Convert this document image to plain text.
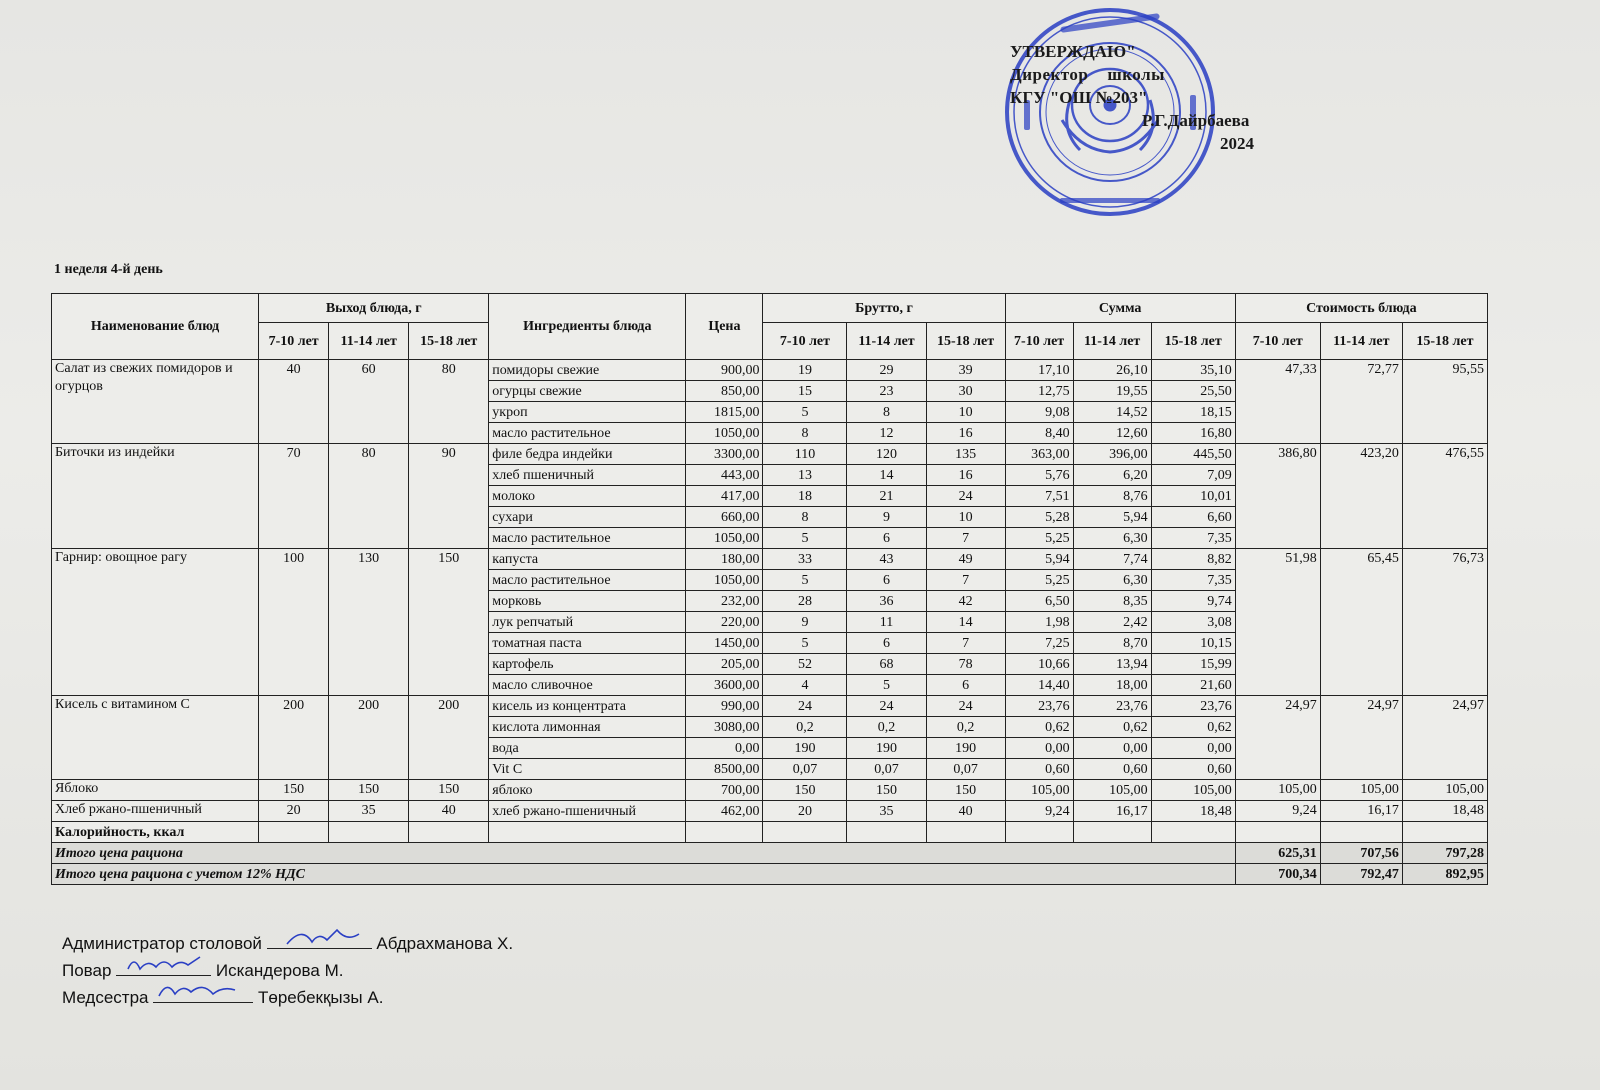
УТВЕРЖДАЮ"
Директор    школы
КГУ "ОШ №203"
Р.Г.Дайрбаева
2024
1 неделя 4-й день
Наименование блюд	Выход блюда, г			Ингредиенты блюда	Цена	Брутто, г			Сумма			Стоимость блюда		
	7-10 лет	11-14 лет	15-18 лет			7-10 лет	11-14 лет	15-18 лет	7-10 лет	11-14 лет	15-18 лет	7-10 лет	11-14 лет	15-18 лет
Салат из свежих помидоров и огурцов	40	60	80	помидоры свежие	900,00	19	29	39	17,10	26,10	35,10	47,33	72,77	95,55
				огурцы свежие	850,00	15	23	30	12,75	19,55	25,50			
				укроп	1815,00	5	8	10	9,08	14,52	18,15			
				масло растительное	1050,00	8	12	16	8,40	12,60	16,80			
Биточки из индейки	70	80	90	филе бедра индейки	3300,00	110	120	135	363,00	396,00	445,50	386,80	423,20	476,55
				хлеб пшеничный	443,00	13	14	16	5,76	6,20	7,09			
				молоко	417,00	18	21	24	7,51	8,76	10,01			
				сухари	660,00	8	9	10	5,28	5,94	6,60			
				масло растительное	1050,00	5	6	7	5,25	6,30	7,35			
Гарнир: овощное рагу	100	130	150	капуста	180,00	33	43	49	5,94	7,74	8,82	51,98	65,45	76,73
				масло растительное	1050,00	5	6	7	5,25	6,30	7,35			
				морковь	232,00	28	36	42	6,50	8,35	9,74			
				лук репчатый	220,00	9	11	14	1,98	2,42	3,08			
				томатная паста	1450,00	5	6	7	7,25	8,70	10,15			
				картофель	205,00	52	68	78	10,66	13,94	15,99			
				масло сливочное	3600,00	4	5	6	14,40	18,00	21,60			
Кисель с витамином С	200	200	200	кисель из концентрата	990,00	24	24	24	23,76	23,76	23,76	24,97	24,97	24,97
				кислота лимонная	3080,00	0,2	0,2	0,2	0,62	0,62	0,62			
				вода	0,00	190	190	190	0,00	0,00	0,00			
				Vit C	8500,00	0,07	0,07	0,07	0,60	0,60	0,60			
Яблоко	150	150	150	яблоко	700,00	150	150	150	105,00	105,00	105,00	105,00	105,00	105,00
Хлеб ржано-пшеничный	20	35	40	хлеб ржано-пшеничный	462,00	20	35	40	9,24	16,17	18,48	9,24	16,17	18,48
Калорийность, ккал														
Итого цена рациона												625,31	707,56	797,28
Итого цена рациона с учетом 12% НДС												700,34	792,47	892,95
Администратор столовой	Абдрахманова Х.
Повар	Искандерова М.
Медсестра	Төребекқызы А.
